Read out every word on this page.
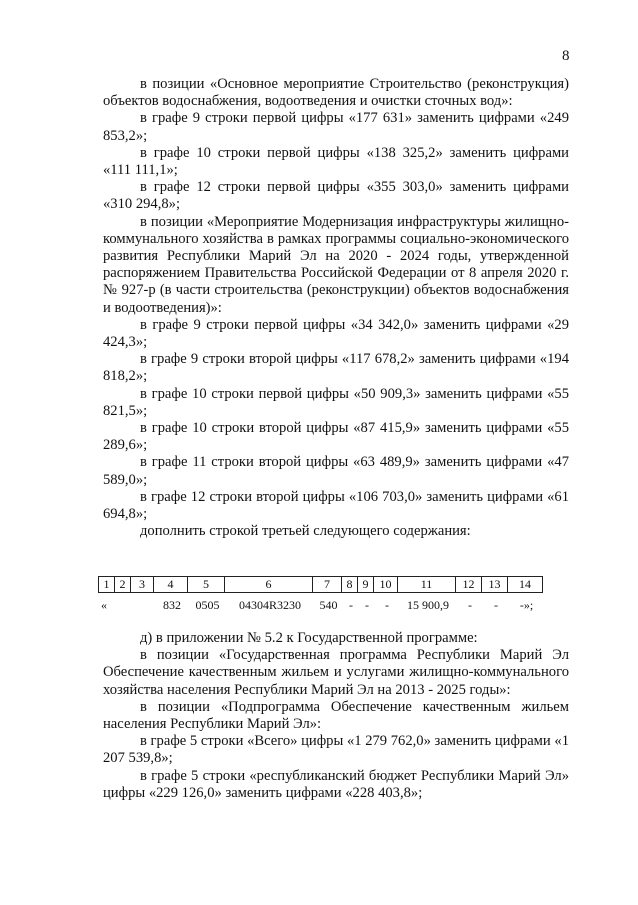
8

в позиции «Основное мероприятие Строительство (реконструкция) объектов водоснабжения, водоотведения и очистки сточных вод»:

в графе 9 строки первой цифры «177 631» заменить цифрами «249 853,2»;

в графе 10 строки первой цифры «138 325,2» заменить цифрами «111 111,1»;

в графе 12 строки первой цифры «355 303,0» заменить цифрами «310 294,8»;

в позиции «Мероприятие Модернизация инфраструктуры жилищно-коммунального хозяйства в рамках программы социально-экономического развития Республики Марий Эл на 2020 - 2024 годы, утвержденной распоряжением Правительства Российской Федерации от 8 апреля 2020 г. № 927-р (в части строительства (реконструкции) объектов водоснабжения и водоотведения)»:

в графе 9 строки первой цифры «34 342,0» заменить цифрами «29 424,3»;

в графе 9 строки второй цифры «117 678,2» заменить цифрами «194 818,2»;

в графе 10 строки первой цифры «50 909,3» заменить цифрами «55 821,5»;

в графе 10 строки второй цифры «87 415,9» заменить цифрами «55 289,6»;

в графе 11 строки второй цифры «63 489,9» заменить цифрами «47 589,0»;

в графе 12 строки второй цифры «106 703,0» заменить цифрами «61 694,8»;

дополнить строкой третьей следующего содержания:

1	2	3	4	5	6	7	8	9	10	11	12	13	14
«			832	0505	04304R3230	540	-	-	-	15 900,9	-	-	-»;

д) в приложении № 5.2 к Государственной программе:

в позиции «Государственная программа Республики Марий Эл Обеспечение качественным жильем и услугами жилищно-коммунального хозяйства населения Республики Марий Эл на 2013 - 2025 годы»:

в позиции «Подпрограмма Обеспечение качественным жильем населения Республики Марий Эл»:

в графе 5 строки «Всего» цифры «1 279 762,0» заменить цифрами «1 207 539,8»;

в графе 5 строки «республиканский бюджет Республики Марий Эл» цифры «229 126,0» заменить цифрами «228 403,8»;
